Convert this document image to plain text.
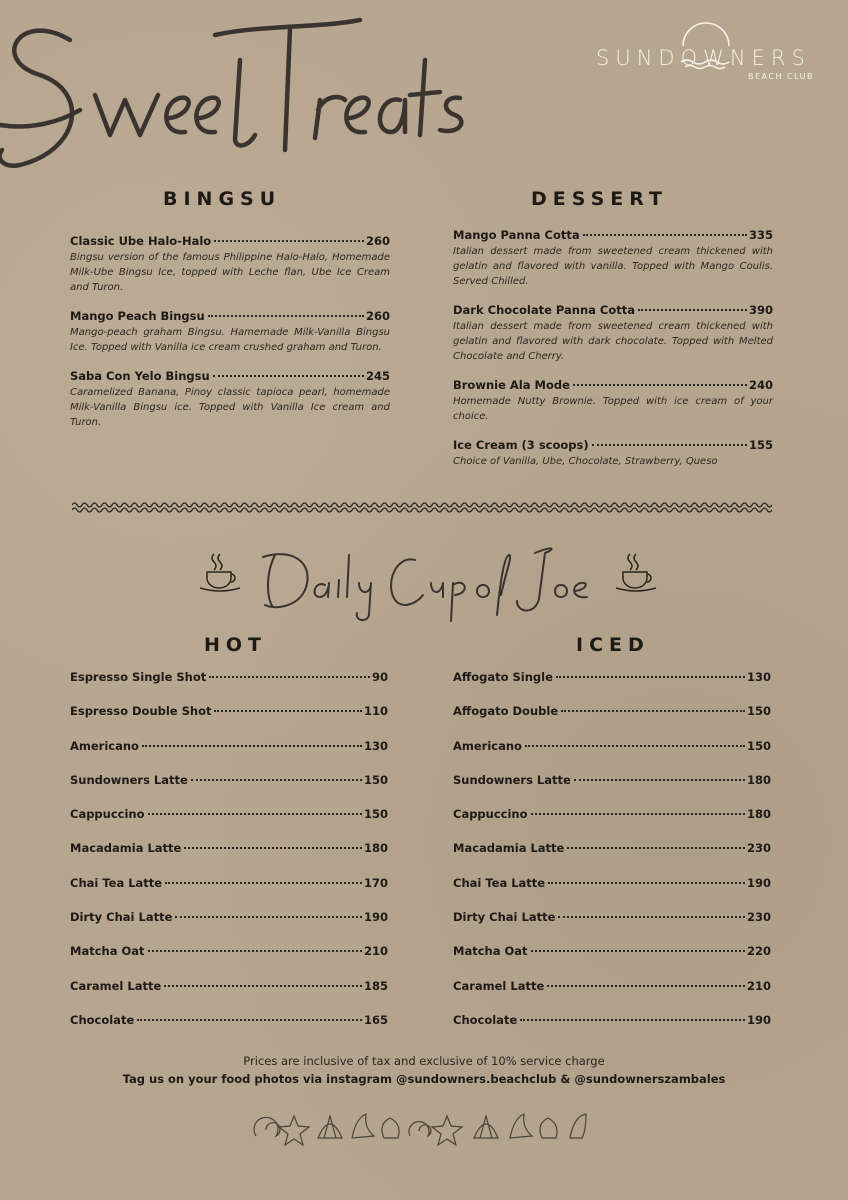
SUNDOWNERS
BEACH CLUB
BINGSU	DESSERT
Classic Ube Halo-Halo	260
Bingsu version of the famous Philippine Halo-Halo, Homemade Milk-Ube Bingsu Ice, topped with Leche flan, Ube Ice Cream and Turon.
Mango Peach Bingsu	260
Mango-peach graham Bingsu. Hamemade Milk-Vanilla Bingsu Ice. Topped with Vanilla ice cream crushed graham and Turon.
Saba Con Yelo Bingsu	245
Caramelized Banana, Pinoy classic tapioca pearl, homemade Milk-Vanilla Bingsu ice. Topped with Vanilla Ice cream and Turon.
Mango Panna Cotta	335
Italian dessert made from sweetened cream thickened with gelatin and flavored with vanilla. Topped with Mango Coulis. Served Chilled.
Dark Chocolate Panna Cotta	390
Italian dessert made from sweetened cream thickened with gelatin and flavored with dark chocolate. Topped with Melted Chocolate and Cherry.
Brownie Ala Mode	240
Homemade Nutty Brownie. Topped with ice cream of your choice.
Ice Cream (3 scoops)	155
Choice of Vanilla, Ube, Chocolate, Strawberry, Queso
HOT	ICED
Espresso Single Shot	90
Espresso Double Shot	110
Americano	130
Sundowners Latte	150
Cappuccino	150
Macadamia Latte	180
Chai Tea Latte	170
Dirty Chai Latte	190
Matcha Oat	210
Caramel Latte	185
Chocolate	165
Affogato Single	130
Affogato Double	150
Americano	150
Sundowners Latte	180
Cappuccino	180
Macadamia Latte	230
Chai Tea Latte	190
Dirty Chai Latte	230
Matcha Oat	220
Caramel Latte	210
Chocolate	190
Prices are inclusive of tax and exclusive of 10% service charge
Tag us on your food photos via instagram @sundowners.beachclub & @sundownerszambales
